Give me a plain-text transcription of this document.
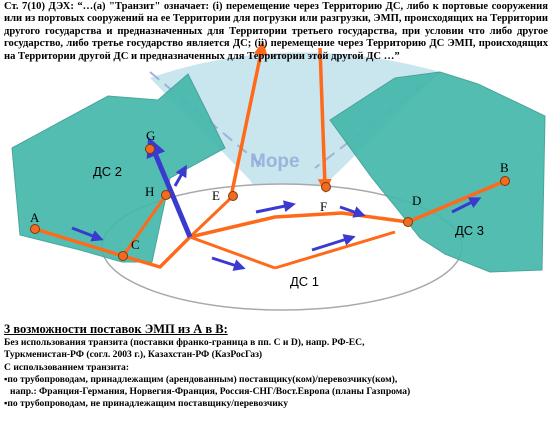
Море
A
C
H
G
E
F	D
B
ДС 2
ДС 1
ДС 3

Ст. 7(10) ДЭХ: “…(а) "Транзит" означает: (i) перемещение через Территорию ДС, либо к портовые сооружения или из портовых сооружений на ее Территории для погрузки или разгрузки, ЭМП, происходящих на Территории другого государства и предназначенных для Территории третьего государства, при условии что либо другое государство, либо третье государство является ДС; (ii) перемещение через Территорию ДС ЭМП, происходящих на Территории другой ДС и предназначенных для Территории этой другой ДС …”

3 возможности поставок ЭМП из А в В:

Без использования транзита (поставки франко-граница в пп. С и D), напр. РФ-ЕС,

Туркменистан-РФ (согл. 2003 г.), Казахстан-РФ (КазРосГаз)

С использованием транзита:

▪по трубопроводам, принадлежащим (арендованным) поставщику(ком)/перевозчику(ком),

напр.: Франция-Германия, Норвегия-Франция, Россия-СНГ/Вост.Европа (планы Газпрома)

▪по трубопроводам, не принадлежащим поставщику/перевозчику
